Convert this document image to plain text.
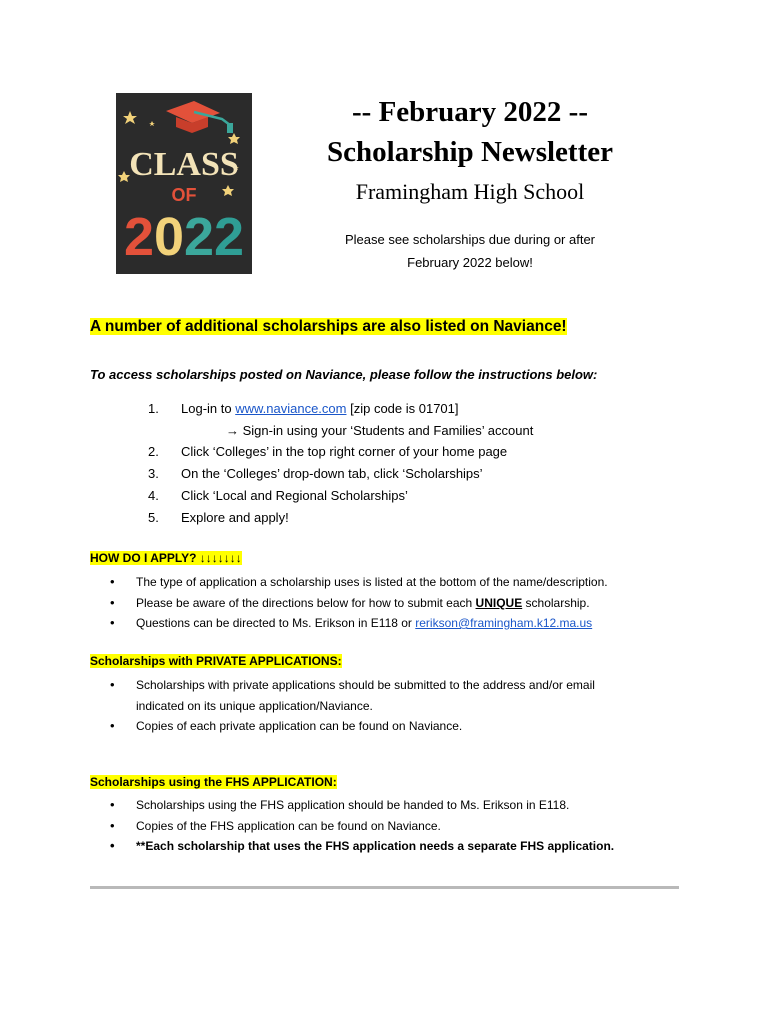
CLASS
OF
2 0 2 2
-- February 2022 --
Scholarship Newsletter
Framingham High School
Please see scholarships due during or after
February 2022 below!
A number of additional scholarships are also listed on Naviance!
To access scholarships posted on Naviance, please follow the instructions below:
1.	Log-in to www.naviance.com [zip code is 01701]
→ Sign-in using your ‘Students and Families’ account
2.	Click ‘Colleges’ in the top right corner of your home page
3.	On the ‘Colleges’ drop-down tab, click ‘Scholarships’
4.	Click ‘Local and Regional Scholarships’
5.	Explore and apply!
HOW DO I APPLY? ↓↓↓↓↓↓↓
• The type of application a scholarship uses is listed at the bottom of the name/description.
• Please be aware of the directions below for how to submit each UNIQUE scholarship.
• Questions can be directed to Ms. Erikson in E118 or rerikson@framingham.k12.ma.us
Scholarships with PRIVATE APPLICATIONS:
• Scholarships with private applications should be submitted to the address and/or email indicated on its unique application/Naviance.
• Copies of each private application can be found on Naviance.
Scholarships using the FHS APPLICATION:
• Scholarships using the FHS application should be handed to Ms. Erikson in E118.
• Copies of the FHS application can be found on Naviance.
• **Each scholarship that uses the FHS application needs a separate FHS application.
